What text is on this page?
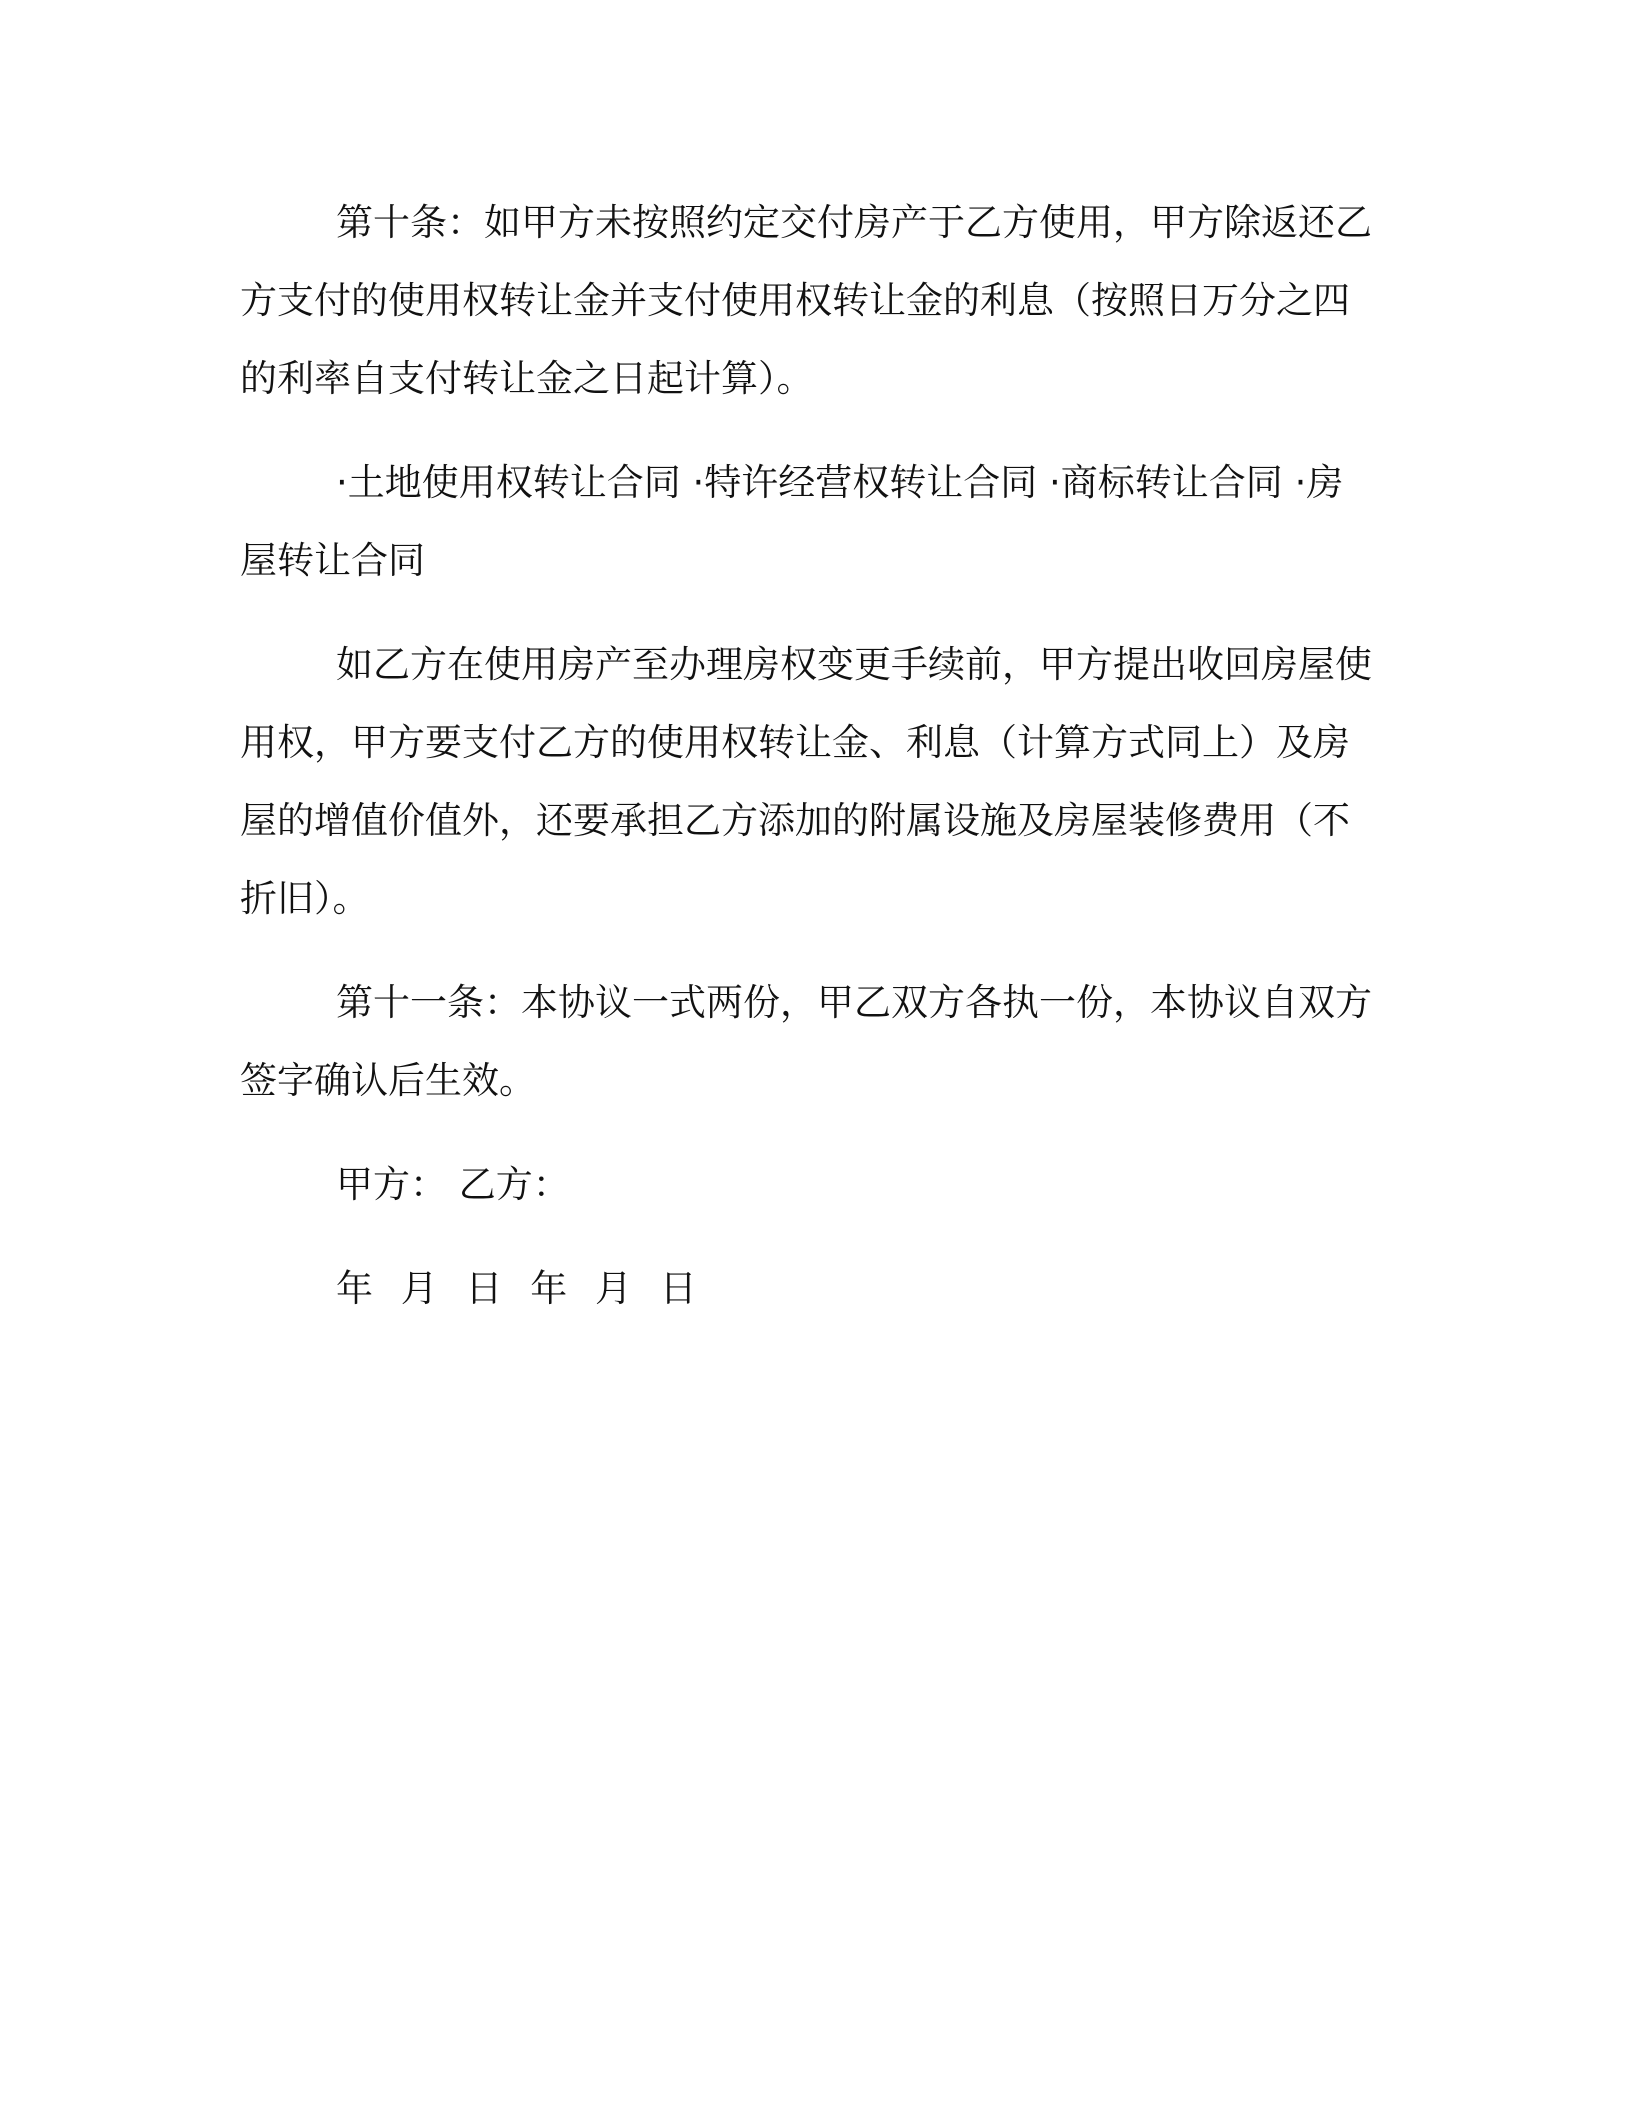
第十条：如甲方未按照约定交付房产于乙方使用，甲方除返还乙
方支付的使用权转让金并支付使用权转让金的利息（按照日万分之四
的利率自支付转让金之日起计算）。
·土地使用权转让合同 ·特许经营权转让合同 ·商标转让合同 ·房
屋转让合同
如乙方在使用房产至办理房权变更手续前，甲方提出收回房屋使
用权，甲方要支付乙方的使用权转让金、利息（计算方式同上）及房
屋的增值价值外，还要承担乙方添加的附属设施及房屋装修费用（不
折旧）。
第十一条：本协议一式两份，甲乙双方各执一份，本协议自双方
签字确认后生效。
甲方： 乙方：
年 月 日 年 月 日
